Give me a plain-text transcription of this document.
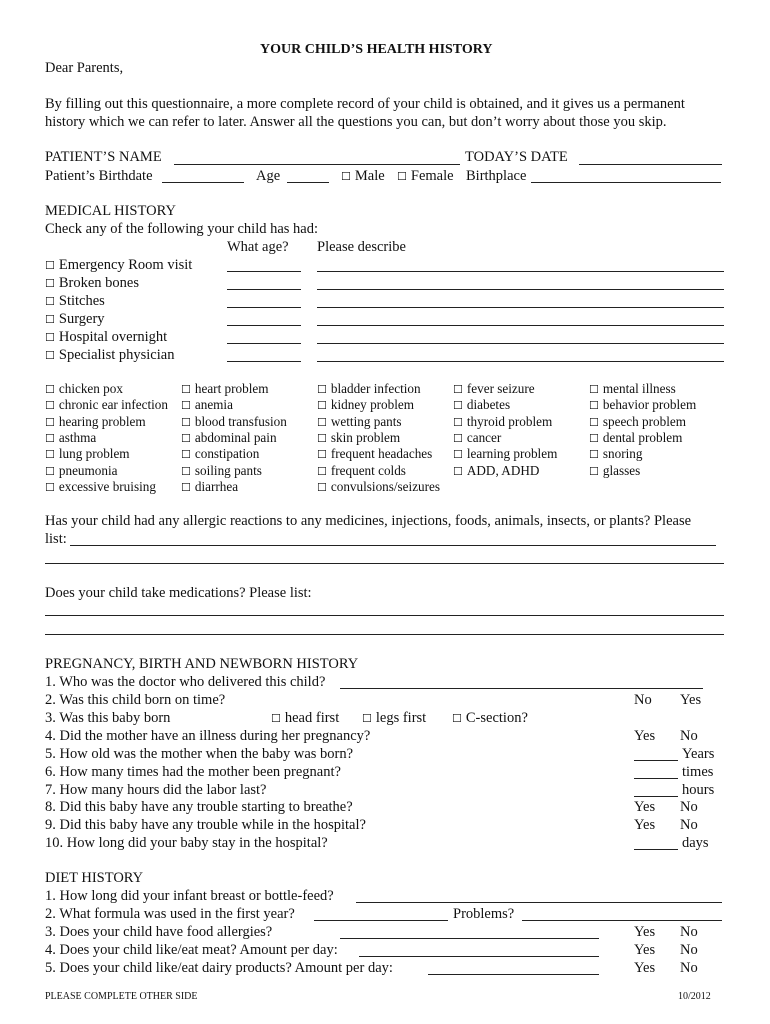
YOUR CHILD’S HEALTH HISTORY
Dear Parents,
By filling out this questionnaire, a more complete record of your child is obtained, and it gives us a permanent
history which we can refer to later. Answer all the questions you can, but don’t worry about those you skip.
PATIENT’S NAME	TODAY’S DATE
Patient’s Birthdate	Age	☐ Male ☐ Female Birthplace
MEDICAL HISTORY
Check any of the following your child has had:
What age? Please describe
☐ Emergency Room visit
☐ Broken bones
☐ Stitches
☐ Surgery
☐ Hospital overnight
☐ Specialist physician
☐ chicken pox
☐ chronic ear infection
☐ hearing problem
☐ asthma
☐ lung problem
☐ pneumonia
☐ excessive bruising
☐ heart problem
☐ anemia
☐ blood transfusion
☐ abdominal pain
☐ constipation
☐ soiling pants
☐ diarrhea
☐ bladder infection
☐ kidney problem
☐ wetting pants
☐ skin problem
☐ frequent headaches
☐ frequent colds
☐ convulsions/seizures
☐ fever seizure
☐ diabetes
☐ thyroid problem
☐ cancer
☐ learning problem
☐ ADD, ADHD
☐ mental illness
☐ behavior problem
☐ speech problem
☐ dental problem
☐ snoring
☐ glasses
Has your child had any allergic reactions to any medicines, injections, foods, animals, insects, or plants? Please
list:
Does your child take medications? Please list:
PREGNANCY, BIRTH AND NEWBORN HISTORY
1. Who was the doctor who delivered this child?
2. Was this child born on time?	No Yes
3. Was this baby born	☐ head first ☐ legs first ☐ C-section?
4. Did the mother have an illness during her pregnancy?	Yes No
5. How old was the mother when the baby was born?	Years
6. How many times had the mother been pregnant?	times
7. How many hours did the labor last?	hours
8. Did this baby have any trouble starting to breathe?	Yes No
9. Did this baby have any trouble while in the hospital?	Yes No
10. How long did your baby stay in the hospital?	days
DIET HISTORY
1. How long did your infant breast or bottle-feed?
2. What formula was used in the first year?	Problems?
3. Does your child have food allergies?	Yes No
4. Does your child like/eat meat? Amount per day:	Yes No
5. Does your child like/eat dairy products? Amount per day:	Yes No
PLEASE COMPLETE OTHER SIDE	10/2012
